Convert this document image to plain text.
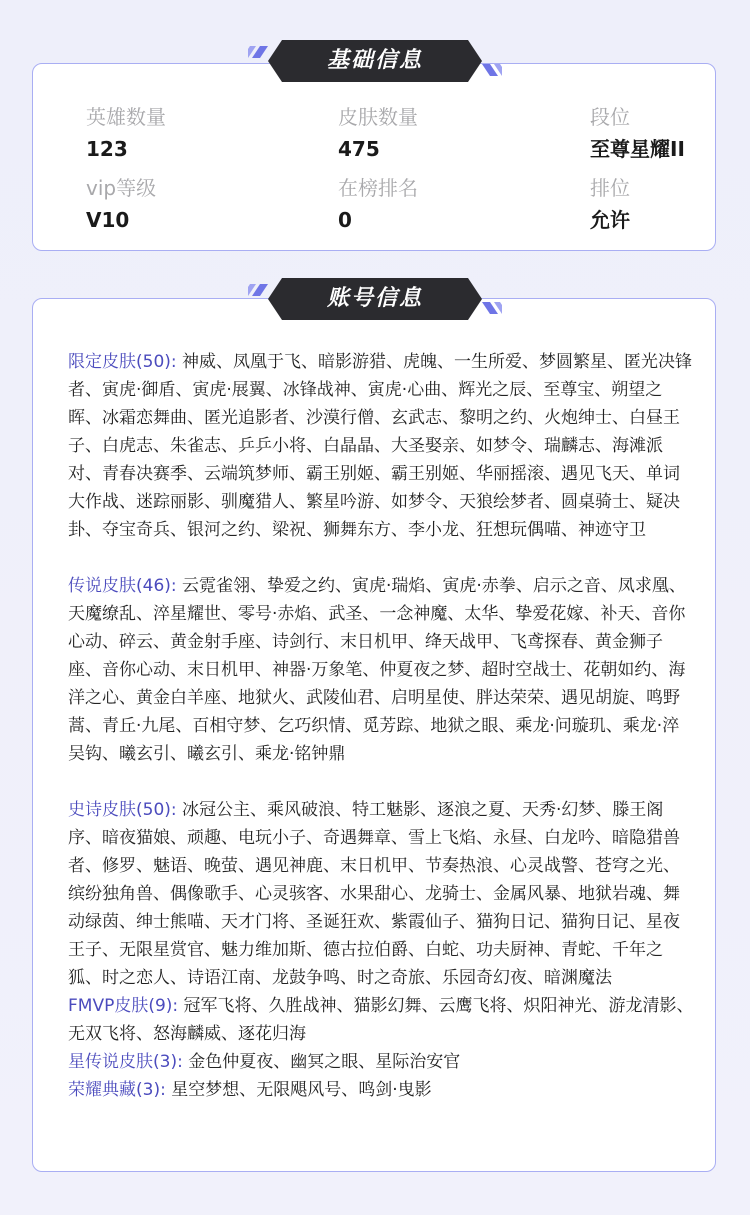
基础信息
英雄数量
123
皮肤数量
475
段位
至尊星耀II
vip等级
V10
在榜排名
0
排位
允许
账号信息

限定皮肤(50): 神威、凤凰于飞、暗影游猎、虎魄、一生所爱、梦圆繁星、匿光决锋者、寅虎·御盾、寅虎·展翼、冰锋战神、寅虎·心曲、辉光之辰、至尊宝、朔望之晖、冰霜恋舞曲、匿光追影者、沙漠行僧、玄武志、黎明之约、火炮绅士、白昼王子、白虎志、朱雀志、乒乒小将、白晶晶、大圣娶亲、如梦令、瑞麟志、海滩派对、青春决赛季、云端筑梦师、霸王别姬、霸王别姬、华丽摇滚、遇见飞天、单词大作战、迷踪丽影、驯魔猎人、繁星吟游、如梦令、天狼绘梦者、圆桌骑士、疑决卦、夺宝奇兵、银河之约、梁祝、狮舞东方、李小龙、狂想玩偶喵、神迹守卫

传说皮肤(46): 云霓雀翎、挚爱之约、寅虎·瑞焰、寅虎·赤拳、启示之音、凤求凰、天魔缭乱、淬星耀世、零号·赤焰、武圣、一念神魔、太华、挚爱花嫁、补天、音你心动、碎云、黄金射手座、诗剑行、末日机甲、绛天战甲、飞鸢探春、黄金狮子座、音你心动、末日机甲、神器·万象笔、仲夏夜之梦、超时空战士、花朝如约、海洋之心、黄金白羊座、地狱火、武陵仙君、启明星使、胖达荣荣、遇见胡旋、鸣野蒿、青丘·九尾、百相守梦、乞巧织情、觅芳踪、地狱之眼、乘龙·问璇玑、乘龙·淬吴钩、曦玄引、曦玄引、乘龙·铭钟鼎

史诗皮肤(50): 冰冠公主、乘风破浪、特工魅影、逐浪之夏、天秀·幻梦、滕王阁序、暗夜猫娘、顽趣、电玩小子、奇遇舞章、雪上飞焰、永昼、白龙吟、暗隐猎兽者、修罗、魅语、晚萤、遇见神鹿、末日机甲、节奏热浪、心灵战警、苍穹之光、缤纷独角兽、偶像歌手、心灵骇客、水果甜心、龙骑士、金属风暴、地狱岩魂、舞动绿茵、绅士熊喵、天才门将、圣诞狂欢、紫霞仙子、猫狗日记、猫狗日记、星夜王子、无限星赏官、魅力维加斯、德古拉伯爵、白蛇、功夫厨神、青蛇、千年之狐、时之恋人、诗语江南、龙鼓争鸣、时之奇旅、乐园奇幻夜、暗渊魔法

FMVP皮肤(9): 冠军飞将、久胜战神、猫影幻舞、云鹰飞将、炽阳神光、游龙清影、无双飞将、怒海麟威、逐花归海

星传说皮肤(3): 金色仲夏夜、幽冥之眼、星际治安官

荣耀典藏(3): 星空梦想、无限飓风号、鸣剑·曳影
